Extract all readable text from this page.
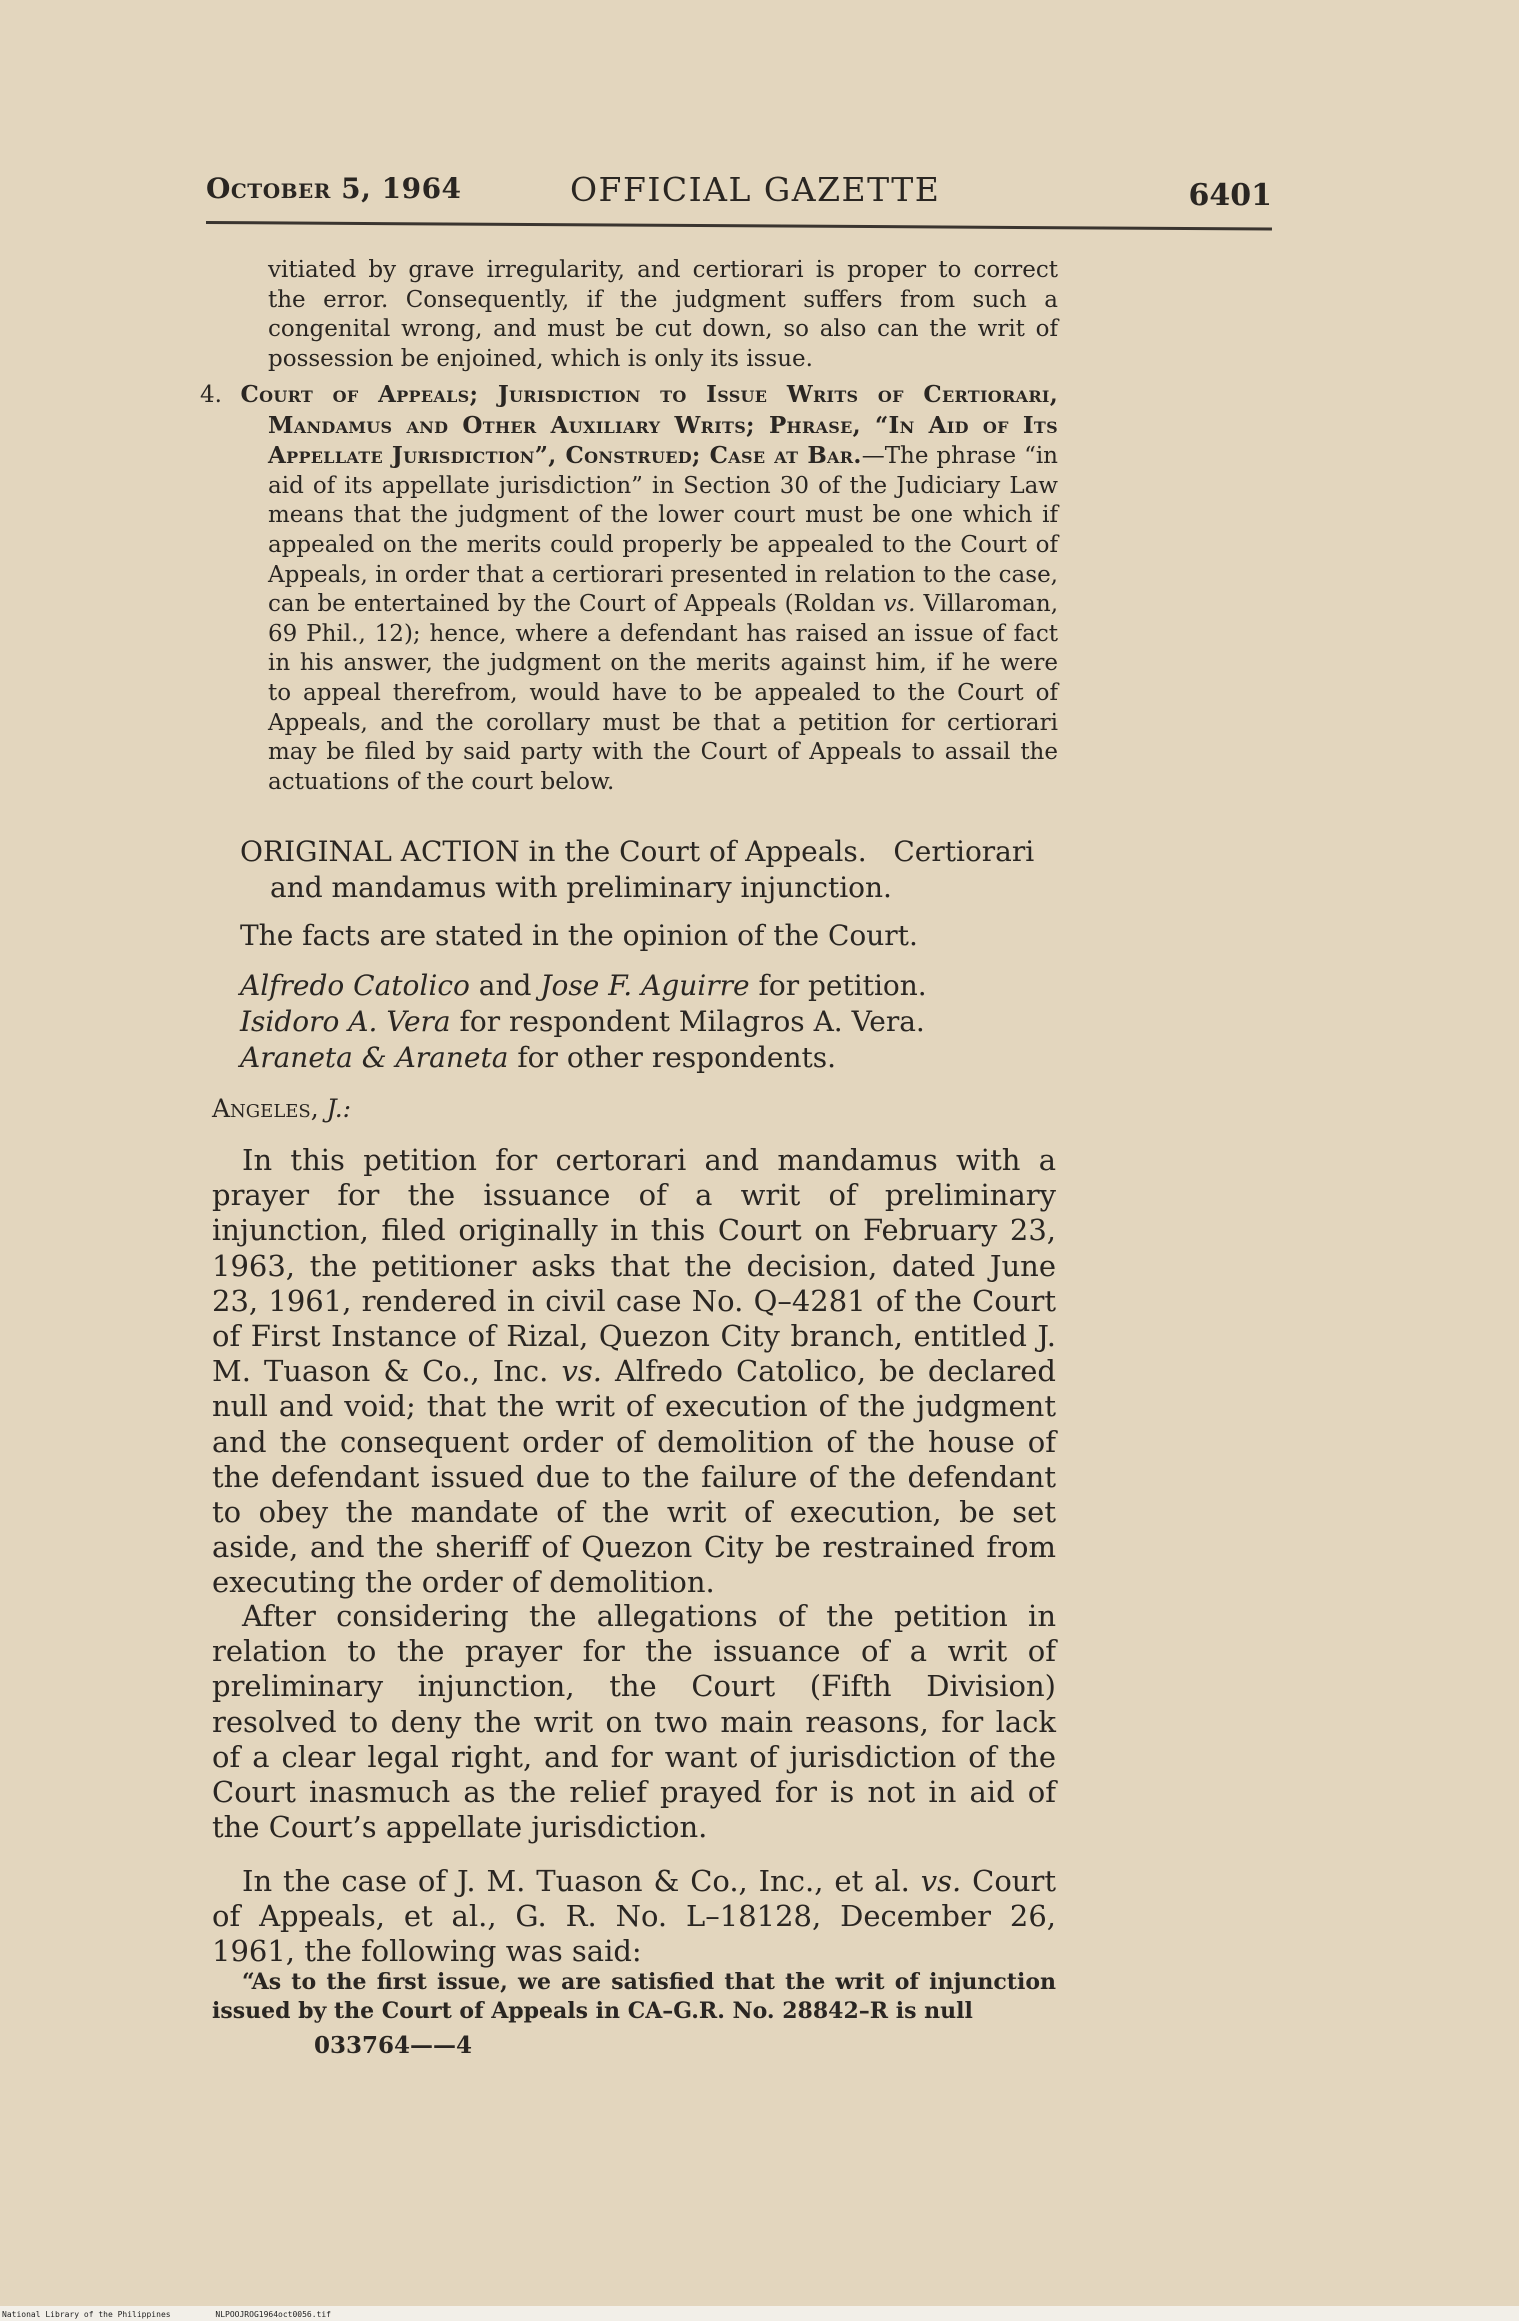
October 5, 1964	OFFICIAL GAZETTE	6401
vitiated by grave irregularity, and certiorari is proper to correct the error. Consequently, if the judgment suffers from such a congenital wrong, and must be cut down, so also can the writ of possession be enjoined, which is only its issue.
4. Court of Appeals; Jurisdiction to Issue Writs of Certiorari, Mandamus and Other Auxiliary Writs; Phrase, “In Aid of Its Appellate Jurisdiction”, Construed; Case at Bar.—The phrase “in aid of its appellate jurisdiction” in Section 30 of the Judiciary Law means that the judgment of the lower court must be one which if appealed on the merits could properly be appealed to the Court of Appeals, in order that a certiorari presented in relation to the case, can be entertained by the Court of Appeals (Roldan vs. Villaroman, 69 Phil., 12); hence, where a defendant has raised an issue of fact in his answer, the judgment on the merits against him, if he were to appeal therefrom, would have to be appealed to the Court of Appeals, and the corollary must be that a petition for certiorari may be filed by said party with the Court of Appeals to assail the actuations of the court below.
ORIGINAL ACTION in the Court of Appeals.   Certiorari
and mandamus with preliminary injunction.
The facts are stated in the opinion of the Court.
Alfredo Catolico and Jose F. Aguirre for petition.
Isidoro A. Vera for respondent Milagros A. Vera.
Araneta & Araneta for other respondents.
Angeles, J.:

In this petition for certorari and mandamus with a prayer for the issuance of a writ of preliminary injunction, filed originally in this Court on February 23, 1963, the petitioner asks that the decision, dated June 23, 1961, rendered in civil case No. Q–4281 of the Court of First Instance of Rizal, Quezon City branch, entitled J. M. Tuason & Co., Inc. vs. Alfredo Catolico, be declared null and void; that the writ of execution of the judgment and the consequent order of demolition of the house of the defendant issued due to the failure of the defendant to obey the mandate of the writ of execution, be set aside, and the sheriff of Quezon City be restrained from executing the order of demolition.

After considering the allegations of the petition in relation to the prayer for the issuance of a writ of preliminary injunction, the Court (Fifth Division) resolved to deny the writ on two main reasons, for lack of a clear legal right, and for want of jurisdiction of the Court inasmuch as the relief prayed for is not in aid of the Court’s appellate jurisdiction.

In the case of J. M. Tuason & Co., Inc., et al. vs. Court of Appeals, et al., G. R. No. L–18128, December 26, 1961, the following was said:

“As to the first issue, we are satisfied that the writ of injunction issued by the Court of Appeals in CA–G.R. No. 28842–R is null

033764——4
National Library of the Philippines	NLPOOJROG1964oct0056.tif
